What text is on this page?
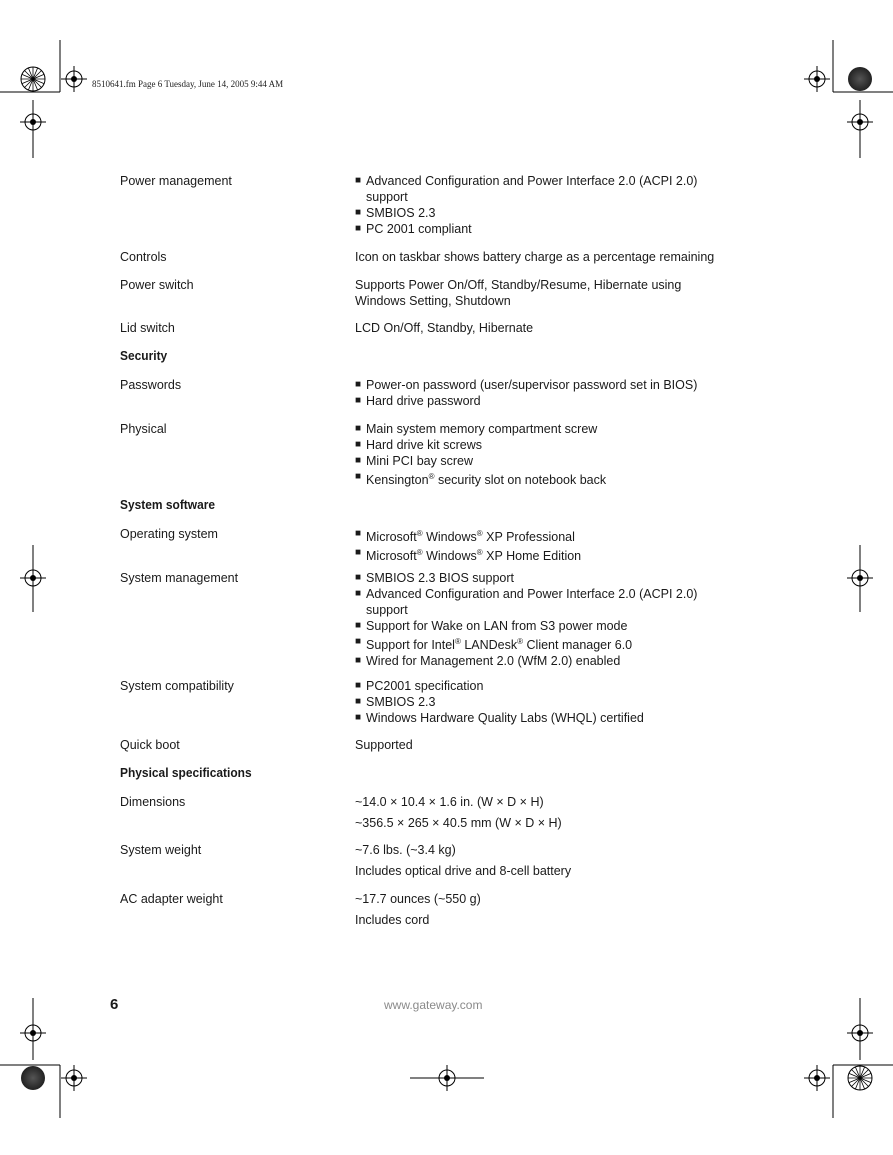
8510641.fm Page 6 Tuesday, June 14, 2005 9:44 AM
Power management	■ Advanced Configuration and Power Interface 2.0 (ACPI 2.0)
support
■ SMBIOS 2.3
■ PC 2001 compliant
Controls	Icon on taskbar shows battery charge as a percentage remaining
Power switch	Supports Power On/Off, Standby/Resume, Hibernate using
Windows Setting, Shutdown
Lid switch	LCD On/Off, Standby, Hibernate
Security
Passwords	■ Power-on password (user/supervisor password set in BIOS)
■ Hard drive password
Physical	■ Main system memory compartment screw
■ Hard drive kit screws
■ Mini PCI bay screw
■ Kensington® security slot on notebook back
System software
Operating system	■ Microsoft® Windows® XP Professional
■ Microsoft® Windows® XP Home Edition
System management	■ SMBIOS 2.3 BIOS support
■ Advanced Configuration and Power Interface 2.0 (ACPI 2.0)
support
■ Support for Wake on LAN from S3 power mode
■ Support for Intel® LANDesk® Client manager 6.0
■ Wired for Management 2.0 (WfM 2.0) enabled
System compatibility	■ PC2001 specification
■ SMBIOS 2.3
■ Windows Hardware Quality Labs (WHQL) certified
Quick boot	Supported
Physical specifications
Dimensions	~14.0 × 10.4 × 1.6 in. (W × D × H)
~356.5 × 265 × 40.5 mm (W × D × H)
System weight	~7.6 lbs. (~3.4 kg)
Includes optical drive and 8-cell battery
AC adapter weight	~17.7 ounces (~550 g)
Includes cord
6	www.gateway.com
